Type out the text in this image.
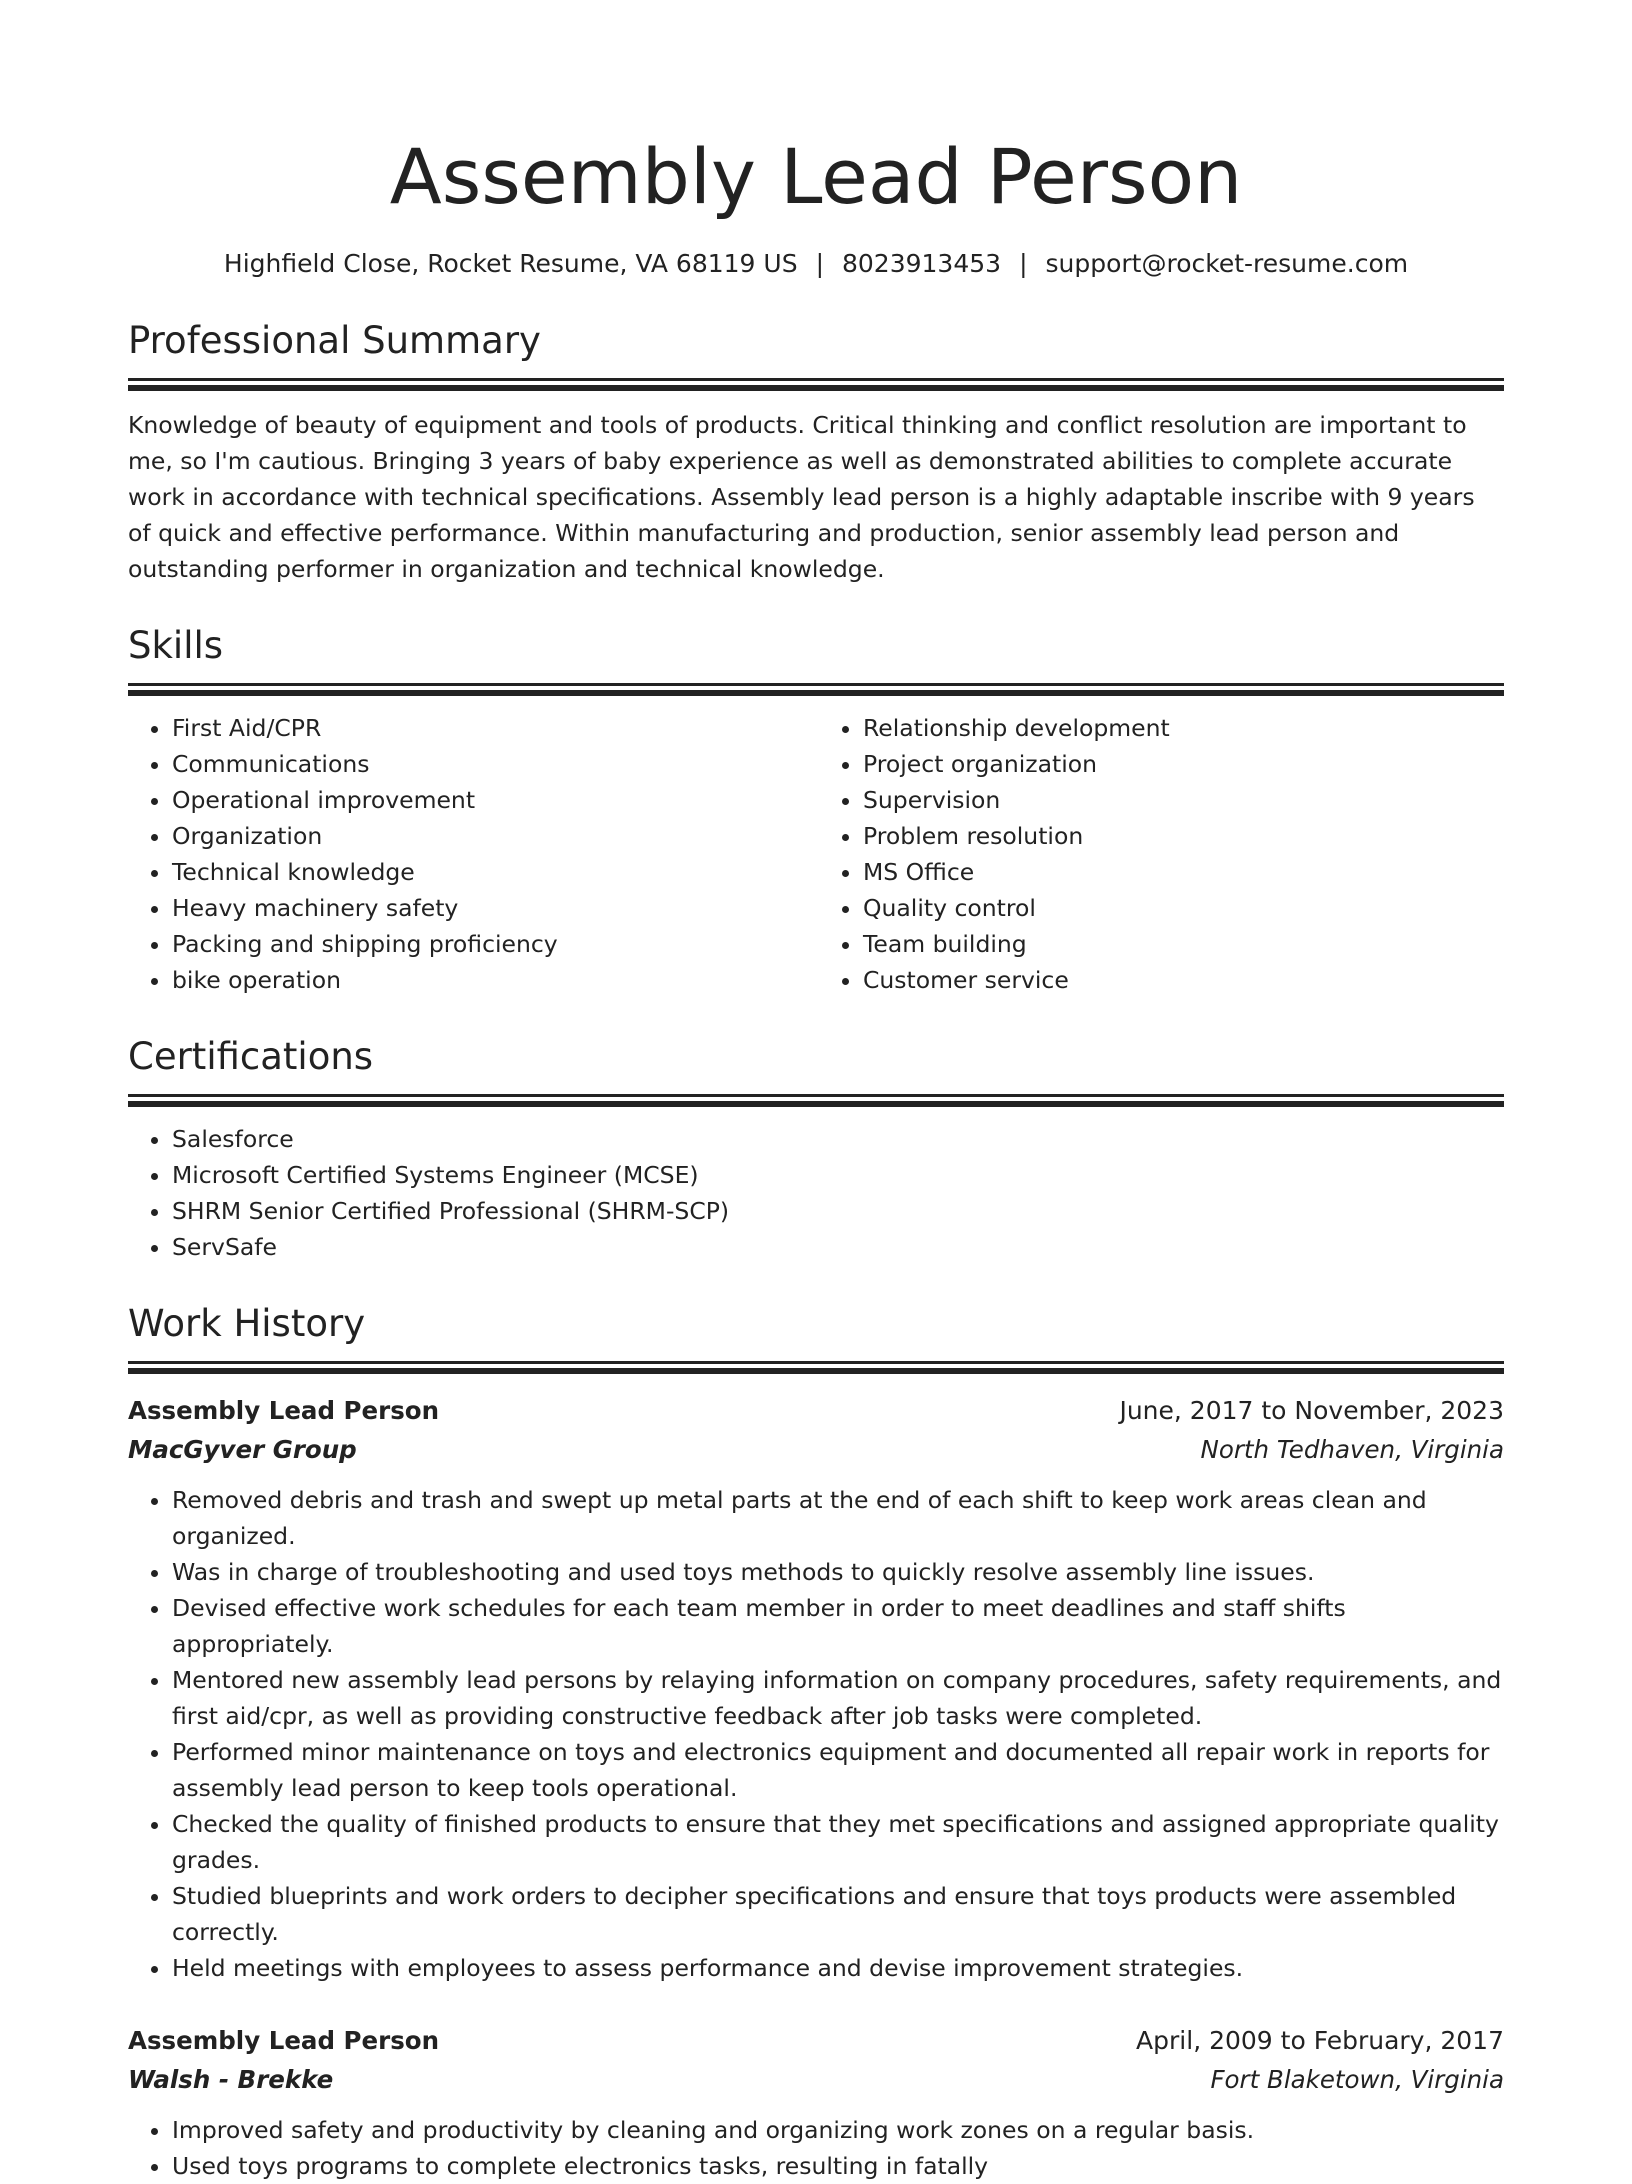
Assembly Lead Person
Highfield Close, Rocket Resume, VA 68119 US | 8023913453 | support@rocket-resume.com
Professional Summary
Knowledge of beauty of equipment and tools of products. Critical thinking and conflict resolution are important to me, so I'm cautious. Bringing 3 years of baby experience as well as demonstrated abilities to complete accurate work in accordance with technical specifications. Assembly lead person is a highly adaptable inscribe with 9 years of quick and effective performance. Within manufacturing and production, senior assembly lead person and outstanding performer in organization and technical knowledge.
Skills
• First Aid/CPR
• Communications
• Operational improvement
• Organization
• Technical knowledge
• Heavy machinery safety
• Packing and shipping proficiency
• bike operation
• Relationship development
• Project organization
• Supervision
• Problem resolution
• MS Office
• Quality control
• Team building
• Customer service
Certifications
• Salesforce
• Microsoft Certified Systems Engineer (MCSE)
• SHRM Senior Certified Professional (SHRM-SCP)
• ServSafe
Work History
Assembly Lead Person	June, 2017 to November, 2023
MacGyver Group	North Tedhaven, Virginia
• Removed debris and trash and swept up metal parts at the end of each shift to keep work areas clean and organized.
• Was in charge of troubleshooting and used toys methods to quickly resolve assembly line issues.
• Devised effective work schedules for each team member in order to meet deadlines and staff shifts appropriately.
• Mentored new assembly lead persons by relaying information on company procedures, safety requirements, and first aid/cpr, as well as providing constructive feedback after job tasks were completed.
• Performed minor maintenance on toys and electronics equipment and documented all repair work in reports for assembly lead person to keep tools operational.
• Checked the quality of finished products to ensure that they met specifications and assigned appropriate quality grades.
• Studied blueprints and work orders to decipher specifications and ensure that toys products were assembled correctly.
• Held meetings with employees to assess performance and devise improvement strategies.
Assembly Lead Person	April, 2009 to February, 2017
Walsh - Brekke	Fort Blaketown, Virginia
• Improved safety and productivity by cleaning and organizing work zones on a regular basis.
• Used toys programs to complete electronics tasks, resulting in fatally
